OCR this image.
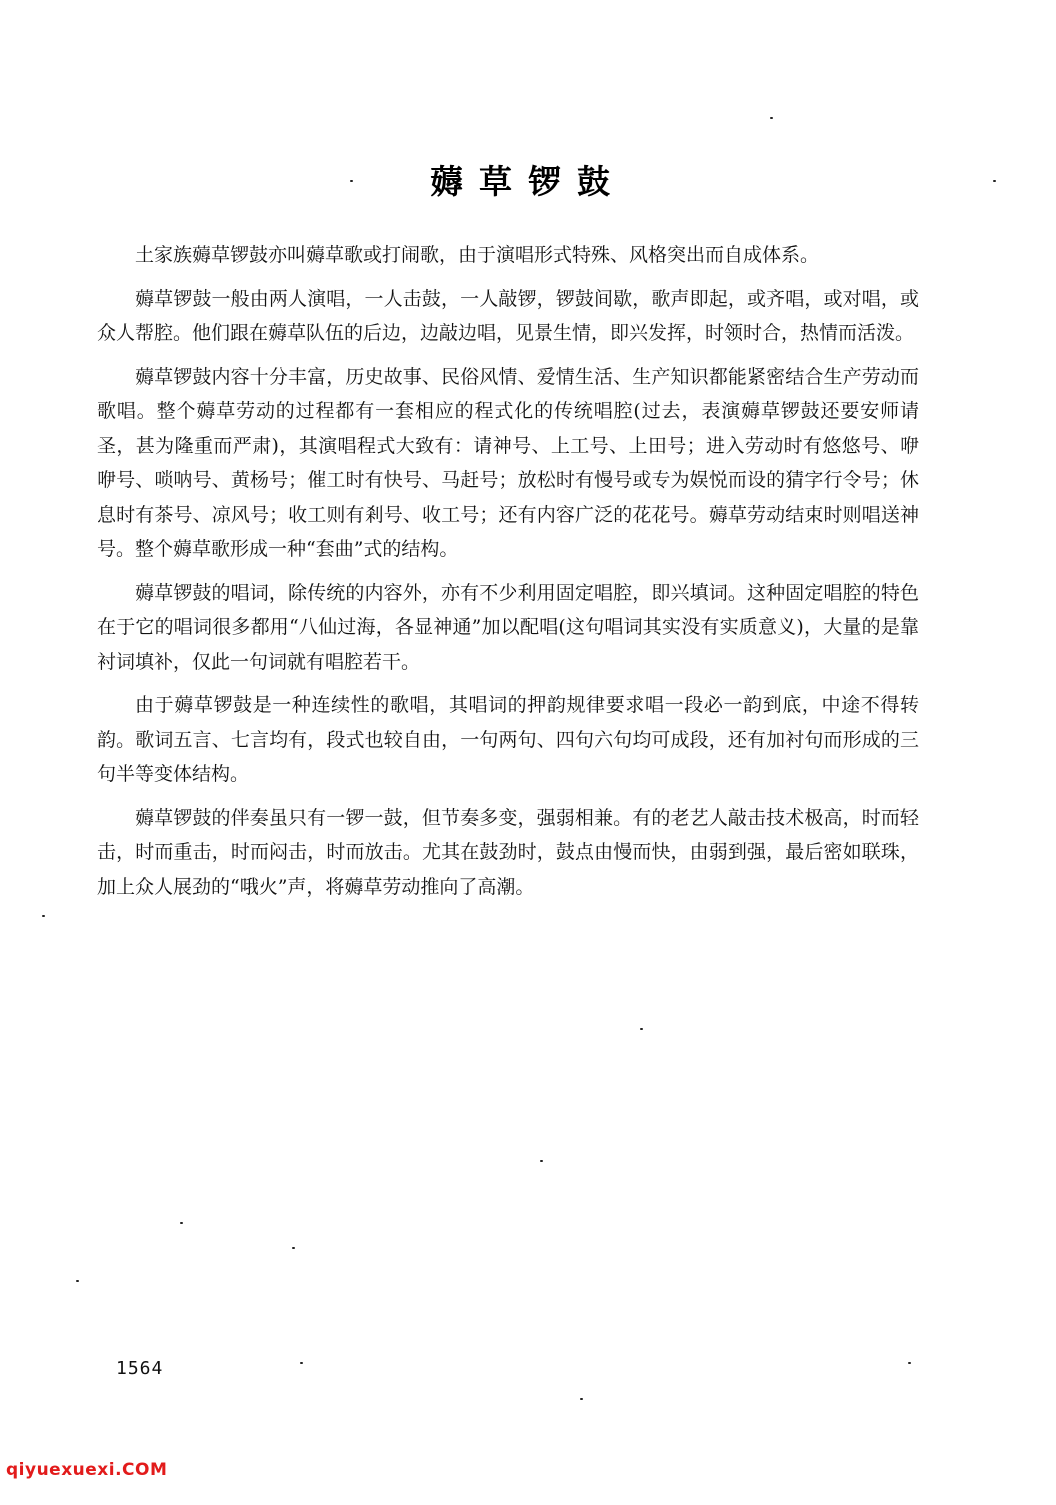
薅草锣鼓

土家族薅草锣鼓亦叫薅草歌或打闹歌，由于演唱形式特殊、风格突出而自成体系。

薅草锣鼓一般由两人演唱，一人击鼓，一人敲锣，锣鼓间歇，歌声即起，或齐唱，或对唱，或众人帮腔。他们跟在薅草队伍的后边，边敲边唱，见景生情，即兴发挥，时领时合，热情而活泼。

薅草锣鼓内容十分丰富，历史故事、民俗风情、爱情生活、生产知识都能紧密结合生产劳动而歌唱。整个薅草劳动的过程都有一套相应的程式化的传统唱腔(过去，表演薅草锣鼓还要安师请圣，甚为隆重而严肃)，其演唱程式大致有：请神号、上工号、上田号；进入劳动时有悠悠号、咿咿号、唢呐号、黄杨号；催工时有快号、马赶号；放松时有慢号或专为娱悦而设的猜字行令号；休息时有茶号、凉风号；收工则有剎号、收工号；还有内容广泛的花花号。薅草劳动结束时则唱送神号。整个薅草歌形成一种“套曲”式的结构。

薅草锣鼓的唱词，除传统的内容外，亦有不少利用固定唱腔，即兴填词。这种固定唱腔的特色在于它的唱词很多都用“八仙过海，各显神通”加以配唱(这句唱词其实没有实质意义)，大量的是靠衬词填补，仅此一句词就有唱腔若干。

由于薅草锣鼓是一种连续性的歌唱，其唱词的押韵规律要求唱一段必一韵到底，中途不得转韵。歌词五言、七言均有，段式也较自由，一句两句、四句六句均可成段，还有加衬句而形成的三句半等变体结构。

薅草锣鼓的伴奏虽只有一锣一鼓，但节奏多变，强弱相兼。有的老艺人敲击技术极高，时而轻击，时而重击，时而闷击，时而放击。尤其在鼓劲时，鼓点由慢而快，由弱到强，最后密如联珠，加上众人展劲的“哦火”声，将薅草劳动推向了高潮。

1564
qiyuexuexi.COM
